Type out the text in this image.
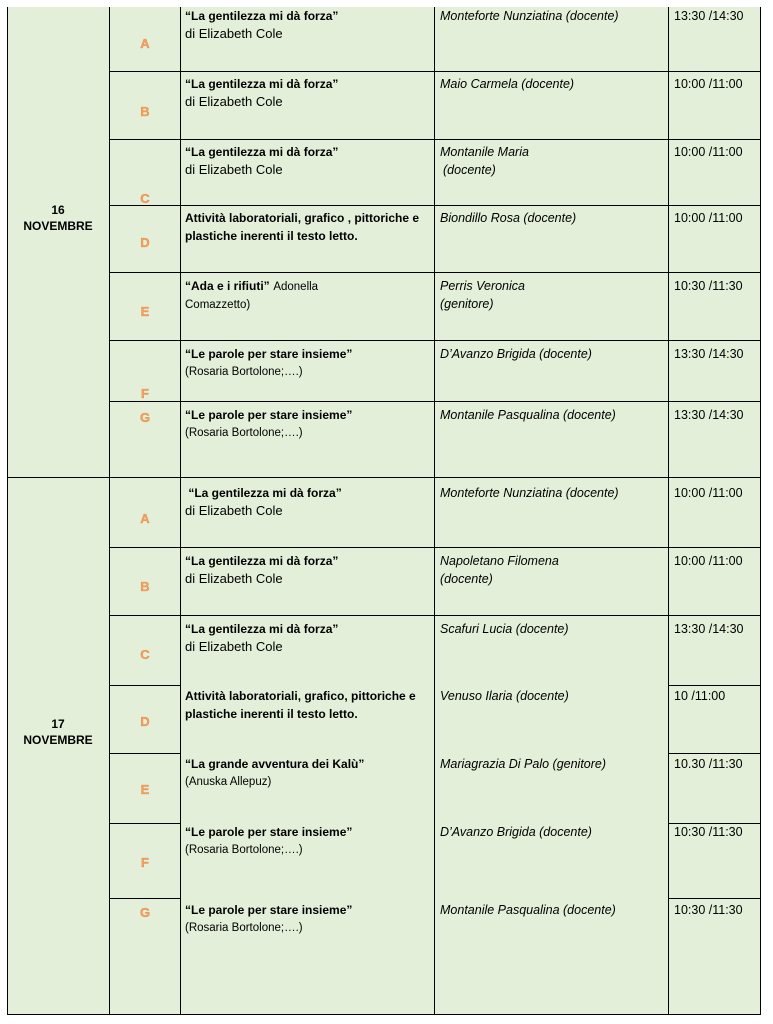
16
NOVEMBRE
A
“La gentilezza mi dà forza”
di Elizabeth Cole
Monteforte Nunziatina (docente)	13:30 /14:30
B
“La gentilezza mi dà forza”
di Elizabeth Cole
Maio Carmela (docente)	10:00 /11:00
C
“La gentilezza mi dà forza”
di Elizabeth Cole
Montanile Maria
(docente)
10:00 /11:00
D
Attività laboratoriali, grafico , pittoriche e
plastiche inerenti il testo letto.
Biondillo Rosa (docente)	10:00 /11:00
E
“Ada e i rifiuti” Adonella
Comazzetto)
Perris Veronica
(genitore)
10:30 /11:30
F
“Le parole per stare insieme”
(Rosaria Bortolone;….)
D’Avanzo Brigida (docente)	13:30 /14:30
G	“Le parole per stare insieme”
(Rosaria Bortolone;….)
Montanile Pasqualina (docente)	13:30 /14:30
17
NOVEMBRE
A
“La gentilezza mi dà forza”
di Elizabeth Cole
Monteforte Nunziatina (docente)	10:00 /11:00
B
“La gentilezza mi dà forza”
di Elizabeth Cole
Napoletano Filomena
(docente)
10:00 /11:00
C
“La gentilezza mi dà forza”
di Elizabeth Cole
Scafuri Lucia (docente)	13:30 /14:30
D
Attività laboratoriali, grafico, pittoriche e
plastiche inerenti il testo letto.
Venuso Ilaria (docente)	10 /11:00
E
“La grande avventura dei Kalù”
(Anuska Allepuz)
Mariagrazia Di Palo (genitore)	10.30 /11:30
F
“Le parole per stare insieme”
(Rosaria Bortolone;….)
D’Avanzo Brigida (docente)	10:30 /11:30
G	“Le parole per stare insieme”
(Rosaria Bortolone;….)
Montanile Pasqualina (docente)	10:30 /11:30
